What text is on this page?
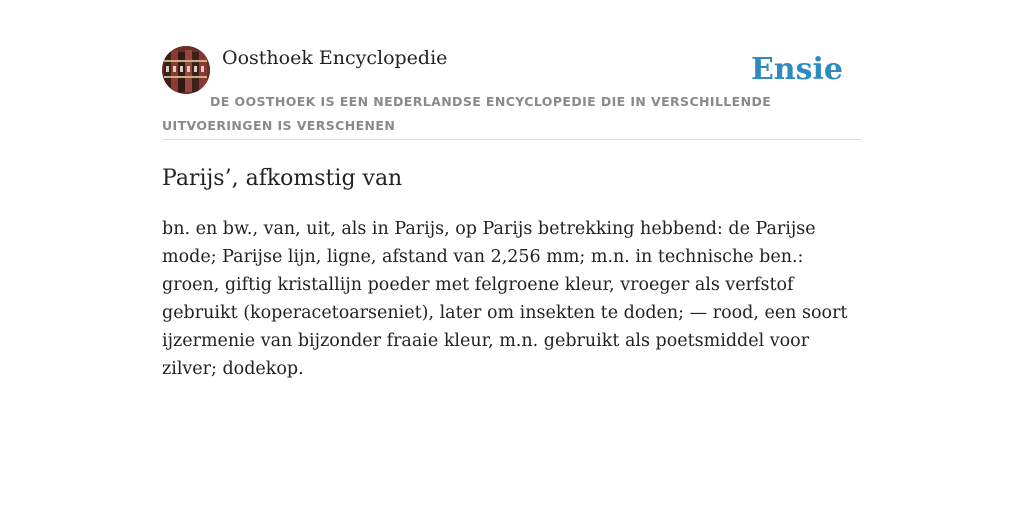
Oosthoek Encyclopedie	Ensie
DE OOSTHOEK IS EEN NEDERLANDSE ENCYCLOPEDIE DIE IN VERSCHILLENDE UITVOERINGEN IS VERSCHENEN
Parijs’, afkomstig van

bn. en bw., van, uit, als in Parijs, op Parijs betrekking hebbend: de Parijse mode; Parijse lijn, ligne, afstand van 2,256 mm; m.n. in technische ben.: groen, giftig kristallijn poeder met felgroene kleur, vroeger als verfstof gebruikt (koperacetoarseniet), later om insekten te doden; — rood, een soort ijzermenie van bijzonder fraaie kleur, m.n. gebruikt als poetsmiddel voor zilver; dodekop.
